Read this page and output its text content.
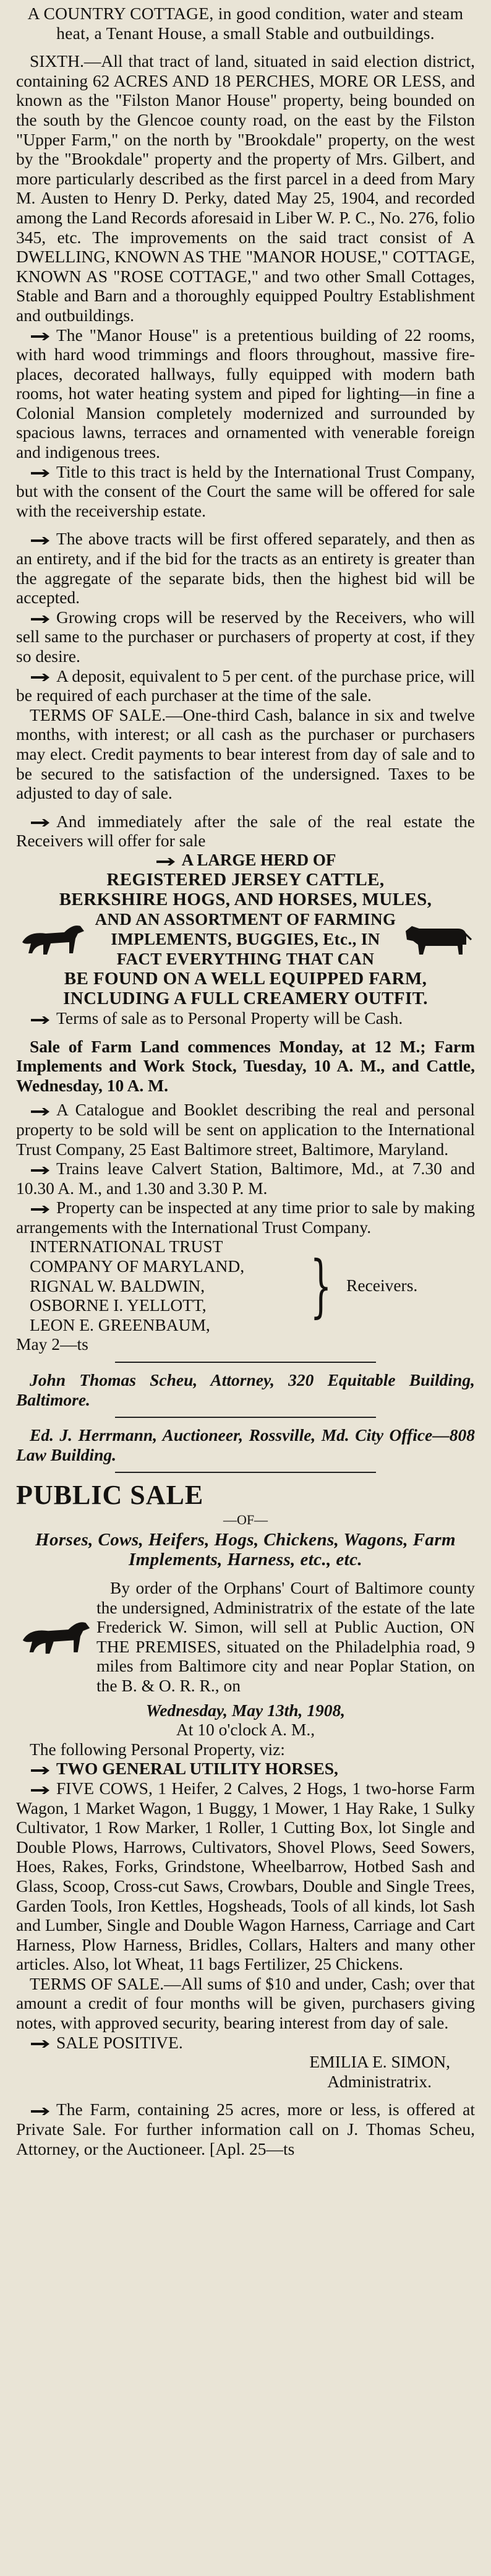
A COUNTRY COTTAGE, in good condition, water and steam heat, a Tenant House, a small Stable and outbuildings.

SIXTH.—All that tract of land, situated in said election district, containing 62 ACRES AND 18 PERCHES, MORE OR LESS, and known as the "Filston Manor House" property, being bounded on the south by the Glencoe county road, on the east by the Filston "Upper Farm," on the north by "Brookdale" property, on the west by the "Brookdale" property and the property of Mrs. Gilbert, and more particularly described as the first parcel in a deed from Mary M. Austen to Henry D. Perky, dated May 25, 1904, and recorded among the Land Records aforesaid in Liber W. P. C., No. 276, folio 345, etc. The improvements on the said tract consist of A DWELLING, KNOWN AS THE "MANOR HOUSE," COTTAGE, KNOWN AS "ROSE COTTAGE," and two other Small Cottages, Stable and Barn and a thoroughly equipped Poultry Establishment and outbuildings.

The "Manor House" is a pretentious building of 22 rooms, with hard wood trimmings and floors throughout, massive fire-places, decorated hallways, fully equipped with modern bath rooms, hot water heating system and piped for lighting—in fine a Colonial Mansion completely modernized and surrounded by spacious lawns, terraces and ornamented with venerable foreign and indigenous trees.

Title to this tract is held by the International Trust Company, but with the consent of the Court the same will be offered for sale with the receivership estate.

The above tracts will be first offered separately, and then as an entirety, and if the bid for the tracts as an entirety is greater than the aggregate of the separate bids, then the highest bid will be accepted.

Growing crops will be reserved by the Receivers, who will sell same to the purchaser or purchasers of property at cost, if they so desire.

A deposit, equivalent to 5 per cent. of the purchase price, will be required of each purchaser at the time of the sale.

TERMS OF SALE.—One-third Cash, balance in six and twelve months, with interest; or all cash as the purchaser or purchasers may elect. Credit payments to bear interest from day of sale and to be secured to the satisfaction of the undersigned. Taxes to be adjusted to day of sale.

And immediately after the sale of the real estate the Receivers will offer for sale

A LARGE HERD OF

REGISTERED JERSEY CATTLE,

BERKSHIRE HOGS, AND HORSES, MULES,

AND AN ASSORTMENT OF FARMING IMPLEMENTS, BUGGIES, Etc., IN FACT EVERYTHING THAT CAN

BE FOUND ON A WELL EQUIPPED FARM, INCLUDING A FULL CREAMERY OUTFIT.

Terms of sale as to Personal Property will be Cash.

Sale of Farm Land commences Monday, at 12 M.; Farm Implements and Work Stock, Tuesday, 10 A. M., and Cattle, Wednesday, 10 A. M.

A Catalogue and Booklet describing the real and personal property to be sold will be sent on application to the International Trust Company, 25 East Baltimore street, Baltimore, Maryland.

Trains leave Calvert Station, Baltimore, Md., at 7.30 and 10.30 A. M., and 1.30 and 3.30 P. M.

Property can be inspected at any time prior to sale by making arrangements with the International Trust Company.

INTERNATIONAL TRUST COMPANY OF MARYLAND,

RIGNAL W. BALDWIN,

OSBORNE I. YELLOTT,

LEON E. GREENBAUM,	} Receivers.

May 2—ts

John Thomas Scheu, Attorney, 320 Equitable Building, Baltimore.

Ed. J. Herrmann, Auctioneer, Rossville, Md. City Office—808 Law Building.

PUBLIC SALE

—OF—

Horses, Cows, Heifers, Hogs, Chickens, Wagons, Farm Implements, Harness, etc., etc.

By order of the Orphans' Court of Baltimore county the undersigned, Administratrix of the estate of the late Frederick W. Simon, will sell at Public Auction, ON THE PREMISES, situated on the Philadelphia road, 9 miles from Baltimore city and near Poplar Station, on the B. & O. R. R., on

Wednesday, May 13th, 1908,

At 10 o'clock A. M.,

The following Personal Property, viz:

TWO GENERAL UTILITY HORSES,

FIVE COWS, 1 Heifer, 2 Calves, 2 Hogs, 1 two-horse Farm Wagon, 1 Market Wagon, 1 Buggy, 1 Mower, 1 Hay Rake, 1 Sulky Cultivator, 1 Row Marker, 1 Roller, 1 Cutting Box, lot Single and Double Plows, Harrows, Cultivators, Shovel Plows, Seed Sowers, Hoes, Rakes, Forks, Grindstone, Wheelbarrow, Hotbed Sash and Glass, Scoop, Cross-cut Saws, Crowbars, Double and Single Trees, Garden Tools, Iron Kettles, Hogsheads, Tools of all kinds, lot Sash and Lumber, Single and Double Wagon Harness, Carriage and Cart Harness, Plow Harness, Bridles, Collars, Halters and many other articles. Also, lot Wheat, 11 bags Fertilizer, 25 Chickens.

TERMS OF SALE.—All sums of $10 and under, Cash; over that amount a credit of four months will be given, purchasers giving notes, with approved security, bearing interest from day of sale.

SALE POSITIVE.

EMILIA E. SIMON,

Administratrix.

The Farm, containing 25 acres, more or less, is offered at Private Sale. For further information call on J. Thomas Scheu, Attorney, or the Auctioneer. [Apl. 25—ts
